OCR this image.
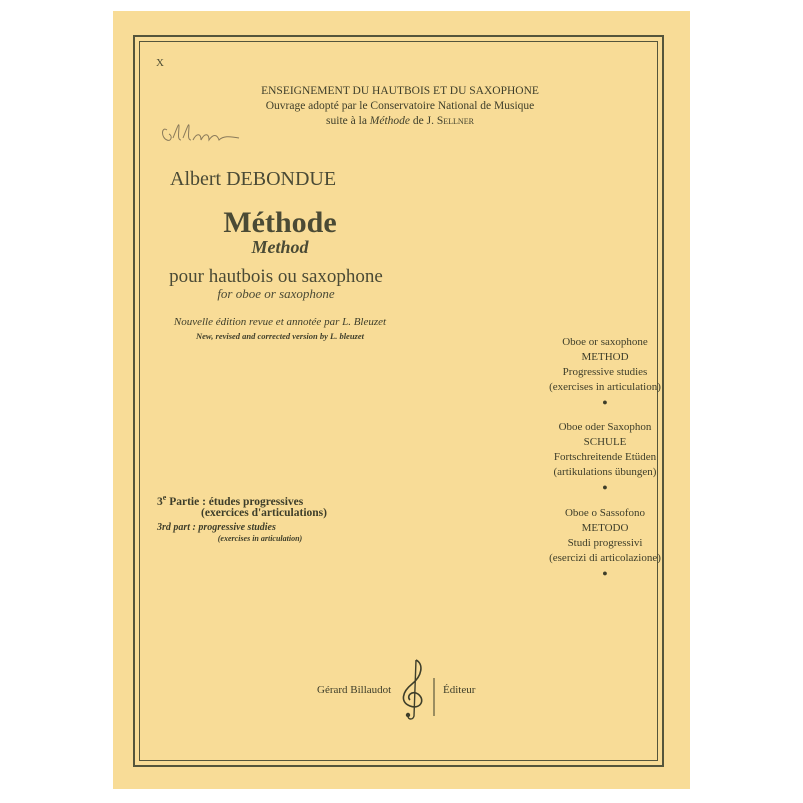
X
ENSEIGNEMENT DU HAUTBOIS ET DU SAXOPHONE
Ouvrage adopté par le Conservatoire National de Musique
suite à la Méthode de J. Sellner
Albert DEBONDUE
Méthode
Method
pour hautbois ou saxophone
for oboe or saxophone
Nouvelle édition revue et annotée par L. Bleuzet
New, revised and corrected version by L. bleuzet
3e Partie : études progressives
(exercices d'articulations)
3rd part : progressive studies
(exercises in articulation)
Oboe or saxophone
METHOD
Progressive studies
(exercises in articulation)
●
Oboe oder Saxophon
SCHULE
Fortschreitende Etüden
(artikulations übungen)
●
Oboe o Sassofono
METODO
Studi progressivi
(esercizi di articolazione)
●
Gérard Billaudot	Éditeur
